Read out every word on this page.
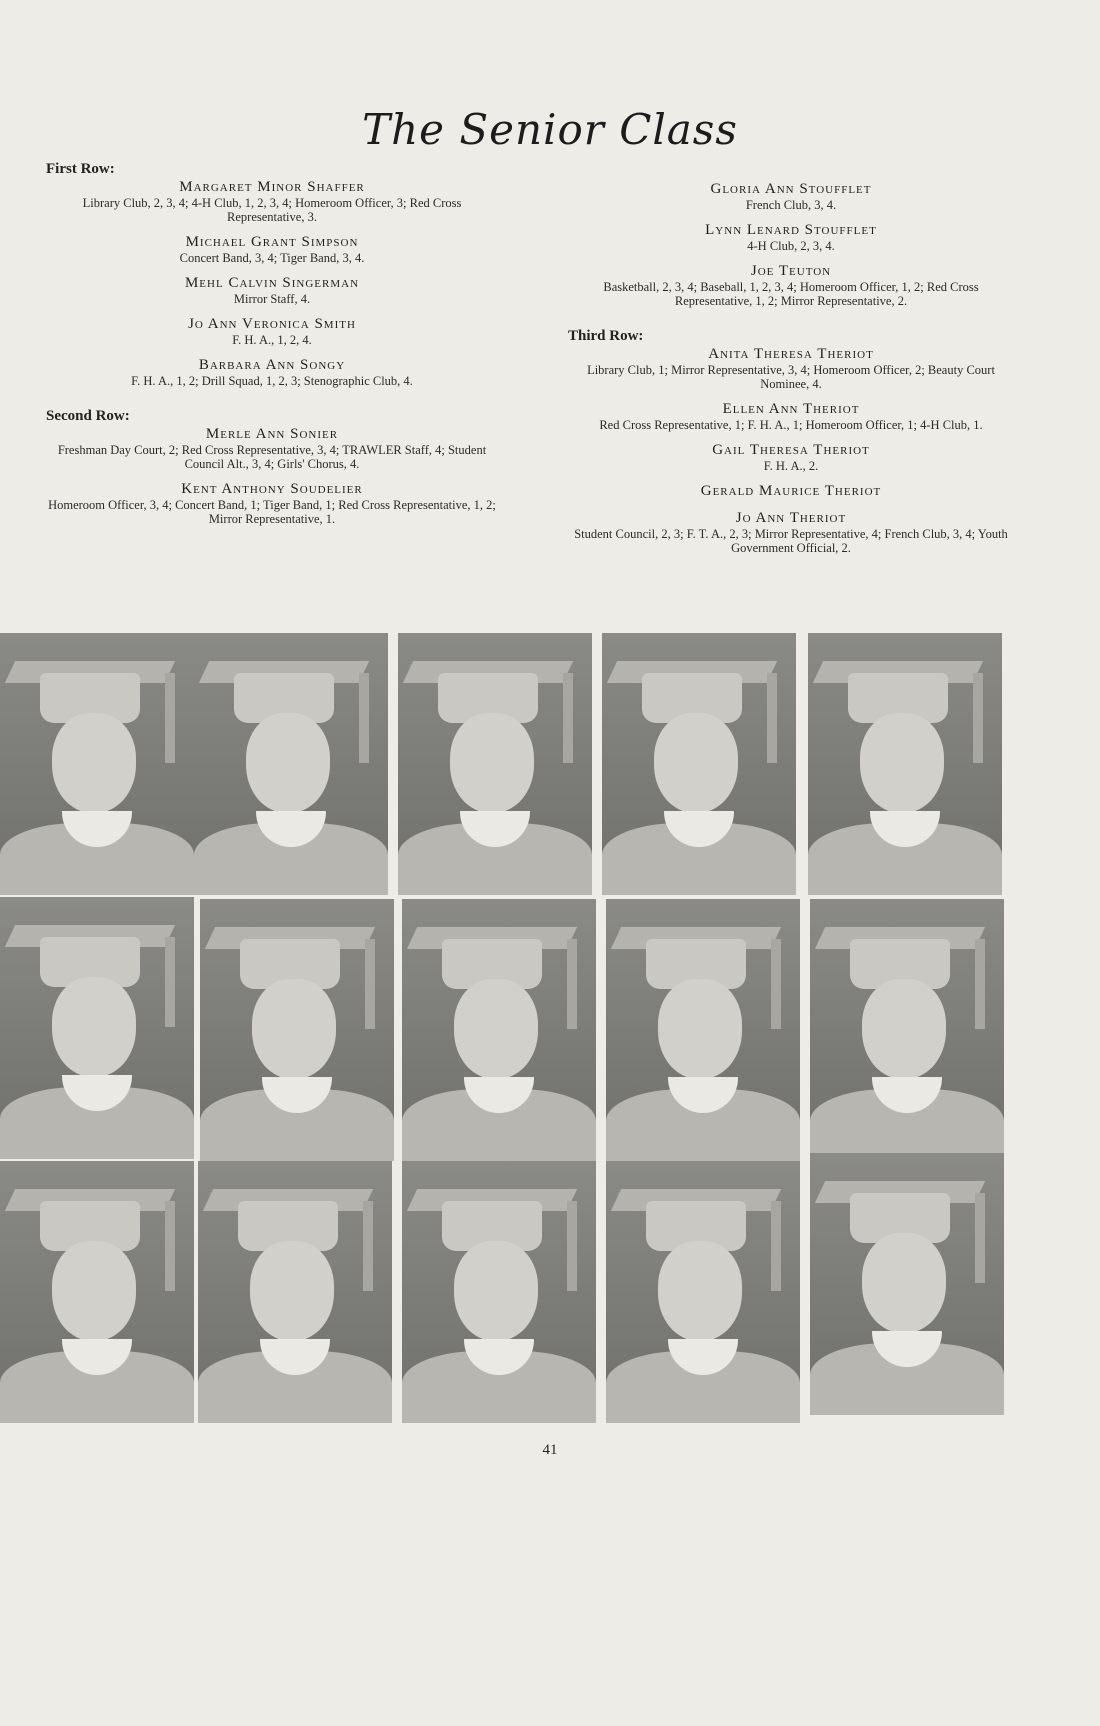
The Senior Class
First Row:
Margaret Minor Shaffer
Library Club, 2, 3, 4; 4-H Club, 1, 2, 3, 4; Homeroom Officer, 3; Red Cross Representative, 3.
Michael Grant Simpson
Concert Band, 3, 4; Tiger Band, 3, 4.
Mehl Calvin Singerman
Mirror Staff, 4.
Jo Ann Veronica Smith
F. H. A., 1, 2, 4.
Barbara Ann Songy
F. H. A., 1, 2; Drill Squad, 1, 2, 3; Stenographic Club, 4.
Second Row:
Merle Ann Sonier
Freshman Day Court, 2; Red Cross Representative, 3, 4; TRAWLER Staff, 4; Student Council Alt., 3, 4; Girls' Chorus, 4.
Kent Anthony Soudelier
Homeroom Officer, 3, 4; Concert Band, 1; Tiger Band, 1; Red Cross Representative, 1, 2; Mirror Representative, 1.
Gloria Ann Stoufflet
French Club, 3, 4.
Lynn Lenard Stoufflet
4-H Club, 2, 3, 4.
Joe Teuton
Basketball, 2, 3, 4; Baseball, 1, 2, 3, 4; Homeroom Officer, 1, 2; Red Cross Representative, 1, 2; Mirror Representative, 2.
Third Row:
Anita Theresa Theriot
Library Club, 1; Mirror Representative, 3, 4; Homeroom Officer, 2; Beauty Court Nominee, 4.
Ellen Ann Theriot
Red Cross Representative, 1; F. H. A., 1; Homeroom Officer, 1; 4-H Club, 1.
Gail Theresa Theriot
F. H. A., 2.
Gerald Maurice Theriot
Jo Ann Theriot
Student Council, 2, 3; F. T. A., 2, 3; Mirror Representative, 4; French Club, 3, 4; Youth Government Official, 2.
41
